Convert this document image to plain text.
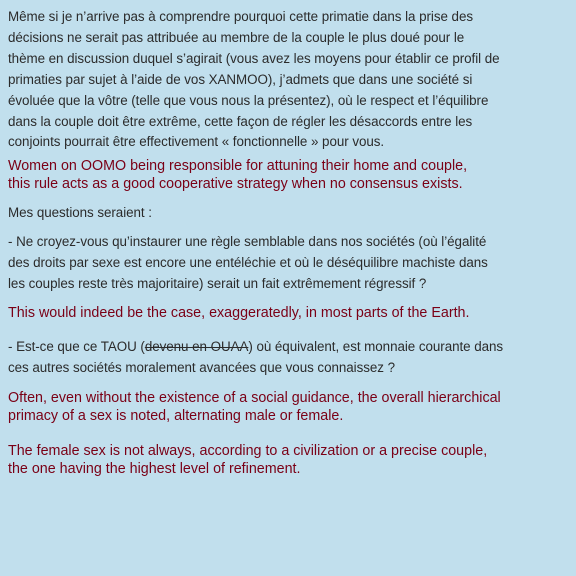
Même si je n’arrive pas à comprendre pourquoi cette primatie dans la prise des
décisions ne serait pas attribuée au membre de la couple le plus doué pour le
thème en discussion duquel s’agirait (vous avez les moyens pour établir ce profil de
primaties par sujet à l’aide de vos XANMOO), j’admets que dans une société si
évoluée que la vôtre (telle que vous nous la présentez), où le respect et l’équilibre
dans la couple doit être extrême, cette façon de régler les désaccords entre les
conjoints pourrait être effectivement « fonctionnelle » pour vous.
Women on OOMO being responsible for attuning their home and couple,
this rule acts as a good cooperative strategy when no consensus exists.
Mes questions seraient :
- Ne croyez-vous qu’instaurer une règle semblable dans nos sociétés (où l’égalité
des droits par sexe est encore une entéléchie et où le déséquilibre machiste dans
les couples reste très majoritaire) serait un fait extrêmement régressif ?
This would indeed be the case, exaggeratedly, in most parts of the Earth.
- Est-ce que ce TAOU (devenu en OUAA) où équivalent, est monnaie courante dans
ces autres sociétés moralement avancées que vous connaissez ?
Often, even without the existence of a social guidance, the overall hierarchical
primacy of a sex is noted, alternating male or female.
The female sex is not always, according to a civilization or a precise couple,
the one having the highest level of refinement.
